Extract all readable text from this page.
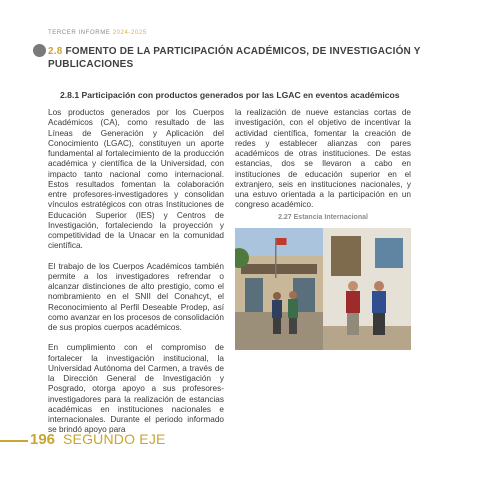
TERCER INFORME 2024-2025
2.8 FOMENTO DE LA PARTICIPACIÓN ACADÉMICOS, DE INVESTIGACIÓN Y PUBLICACIONES
2.8.1 Participación con productos generados por las LGAC en eventos académicos

Los productos generados por los Cuerpos Académicos (CA), como resultado de las Líneas de Generación y Aplicación del Conocimiento (LGAC), constituyen un aporte fundamental al fortalecimiento de la producción académica y científica de la Universidad, con impacto tanto nacional como internacional. Estos resultados fomentan la colaboración entre profesores-investigadores y consolidan vínculos estratégicos con otras Instituciones de Educación Superior (IES) y Centros de Investigación, fortaleciendo la proyección y competitividad de la Unacar en la comunidad científica.

El trabajo de los Cuerpos Académicos también permite a los investigadores refrendar o alcanzar distinciones de alto prestigio, como el nombramiento en el SNII del Conahcyt, el Reconocimiento al Perfil Deseable Prodep, así como avanzar en los procesos de consolidación de sus propios cuerpos académicos.

En cumplimiento con el compromiso de fortalecer la investigación institucional, la Universidad Autónoma del Carmen, a través de la Dirección General de Investigación y Posgrado, otorga apoyo a sus profesores-investigadores para la realización de estancias académicas en instituciones nacionales e internacionales. Durante el periodo informado se brindó apoyo para

la realización de nueve estancias cortas de investigación, con el objetivo de incentivar la actividad científica, fomentar la creación de redes y establecer alianzas con pares académicos de otras instituciones. De estas estancias, dos se llevaron a cabo en instituciones de educación superior en el extranjero, seis en instituciones nacionales, y una estuvo orientada a la participación en un congreso académico.

2.27 Estancia Internacional
196 SEGUNDO EJE
